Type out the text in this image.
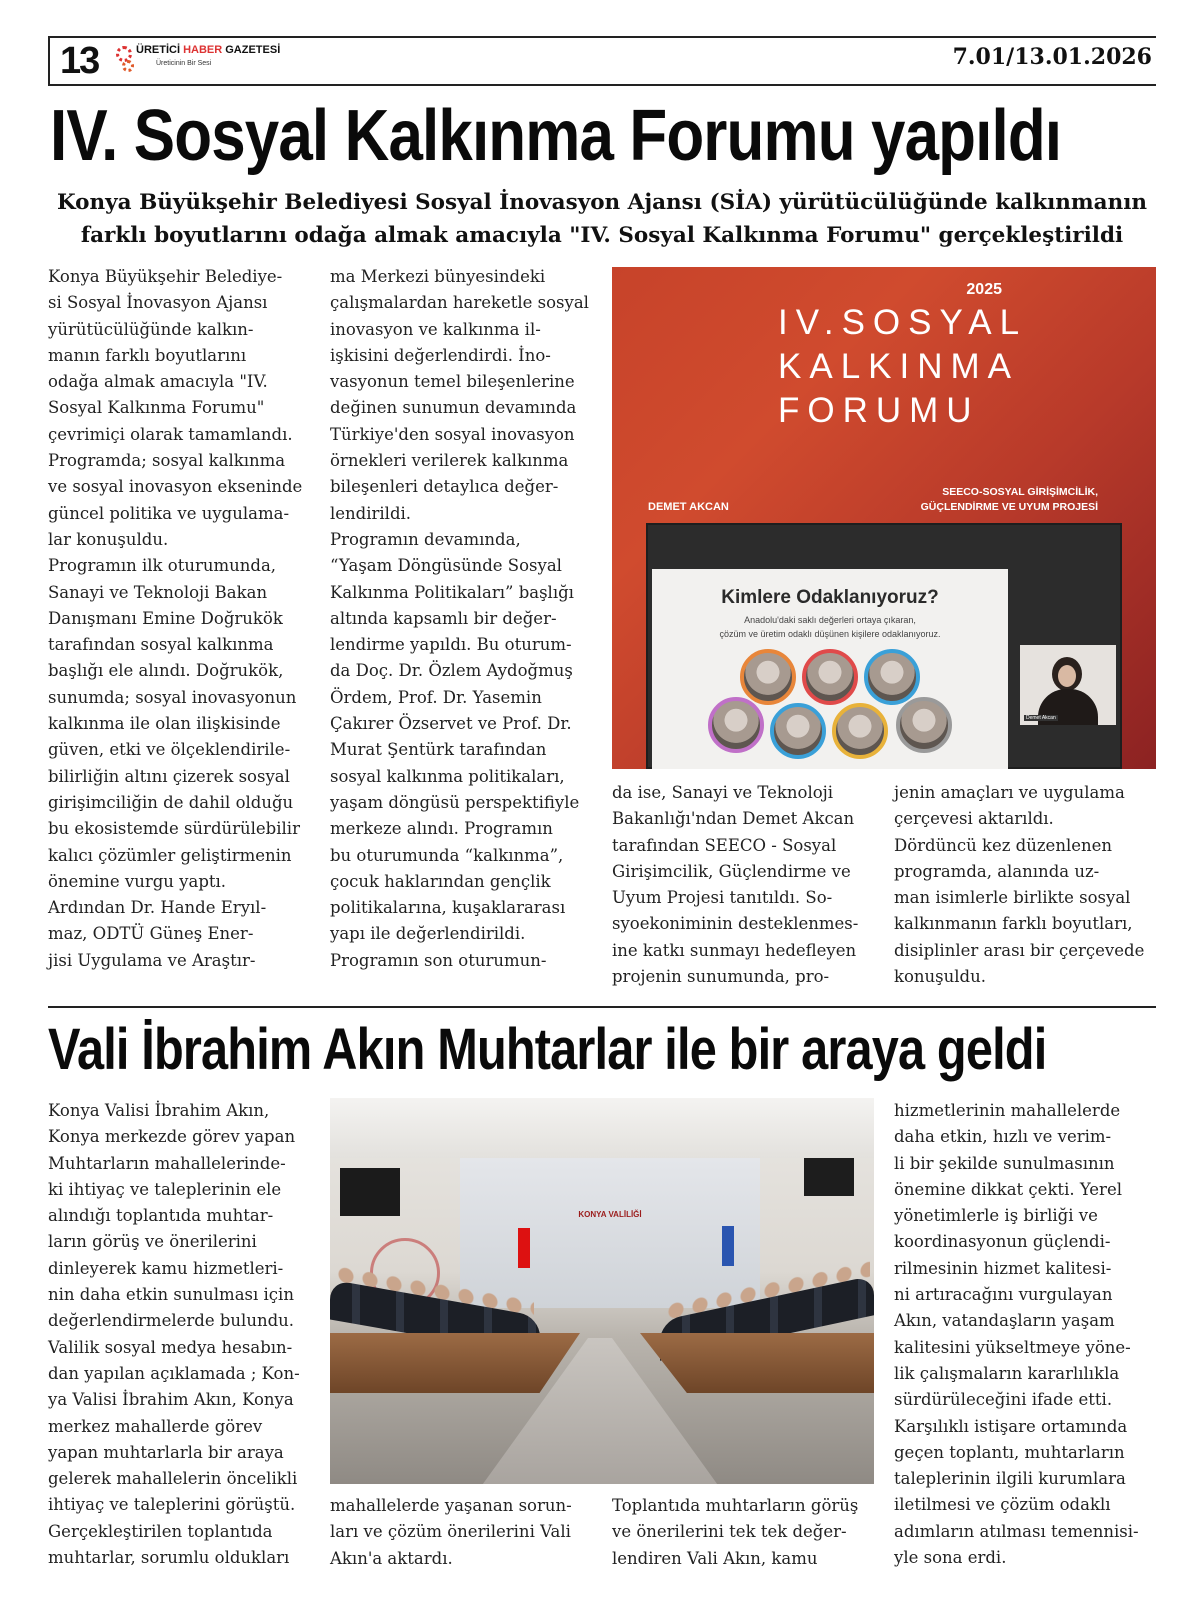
13	ÜRETİCİ HABER GAZETESİ
Üreticinin Bir Sesi	7.01/13.01.2026
IV. Sosyal Kalkınma Forumu yapıldı
Konya Büyükşehir Belediyesi Sosyal İnovasyon Ajansı (SİA) yürütücülüğünde kalkınmanın
farklı boyutlarını odağa almak amacıyla "IV. Sosyal Kalkınma Forumu" gerçekleştirildi

Konya Büyükşehir Belediye-

si Sosyal İnovasyon Ajansı

yürütücülüğünde kalkın-

manın farklı boyutlarını

odağa almak amacıyla "IV.

Sosyal Kalkınma Forumu"

çevrimiçi olarak tamamlandı.

Programda; sosyal kalkınma

ve sosyal inovasyon ekseninde

güncel politika ve uygulama-

lar konuşuldu.

Programın ilk oturumunda,

Sanayi ve Teknoloji Bakan

Danışmanı Emine Doğrukök

tarafından sosyal kalkınma

başlığı ele alındı. Doğrukök,

sunumda; sosyal inovasyonun

kalkınma ile olan ilişkisinde

güven, etki ve ölçeklendirile-

bilirliğin altını çizerek sosyal

girişimciliğin de dahil olduğu

bu ekosistemde sürdürülebilir

kalıcı çözümler geliştirmenin

önemine vurgu yaptı.

Ardından Dr. Hande Eryıl-

maz, ODTÜ Güneş Ener-

jisi Uygulama ve Araştır-

ma Merkezi bünyesindeki

çalışmalardan hareketle sosyal

inovasyon ve kalkınma il-

işkisini değerlendirdi. İno-

vasyonun temel bileşenlerine

değinen sunumun devamında

Türkiye'den sosyal inovasyon

örnekleri verilerek kalkınma

bileşenleri detaylıca değer-

lendirildi.

Programın devamında,

“Yaşam Döngüsünde Sosyal

Kalkınma Politikaları” başlığı

altında kapsamlı bir değer-

lendirme yapıldı. Bu oturum-

da Doç. Dr. Özlem Aydoğmuş

Ördem, Prof. Dr. Yasemin

Çakırer Özservet ve Prof. Dr.

Murat Şentürk tarafından

sosyal kalkınma politikaları,

yaşam döngüsü perspektifiyle

merkeze alındı. Programın

bu oturumunda “kalkınma”,

çocuk haklarından gençlik

politikalarına, kuşaklararası

yapı ile değerlendirildi.

Programın son oturumun-

da ise, Sanayi ve Teknoloji

Bakanlığı'ndan Demet Akcan

tarafından SEECO - Sosyal

Girişimcilik, Güçlendirme ve

Uyum Projesi tanıtıldı. So-

syoekoniminin desteklenmes-

ine katkı sunmayı hedefleyen

projenin sunumunda, pro-

jenin amaçları ve uygulama

çerçevesi aktarıldı.

Dördüncü kez düzenlenen

programda, alanında uz-

man isimlerle birlikte sosyal

kalkınmanın farklı boyutları,

disiplinler arası bir çerçevede

konuşuldu.

2025
IV.SOSYAL
KALKINMA
FORUMU
SEECO-SOSYAL GİRİŞİMCİLİK,
GÜÇLENDİRME VE UYUM PROJESİ
DEMET AKCAN
Kimlere Odaklanıyoruz?
Anadolu'daki saklı değerleri ortaya çıkaran,
çözüm ve üretim odaklı düşünen kişilere odaklanıyoruz.
Demet Akcan
Vali İbrahim Akın Muhtarlar ile bir araya geldi

Konya Valisi İbrahim Akın,

Konya merkezde görev yapan

Muhtarların mahallelerinde-

ki ihtiyaç ve taleplerinin ele

alındığı toplantıda muhtar-

ların görüş ve önerilerini

dinleyerek kamu hizmetleri-

nin daha etkin sunulması için

değerlendirmelerde bulundu.

Valilik sosyal medya hesabın-

dan yapılan açıklamada ; Kon-

ya Valisi İbrahim Akın, Konya

merkez mahallerde görev

yapan muhtarlarla bir araya

gelerek mahallelerin öncelikli

ihtiyaç ve taleplerini görüştü.

Gerçekleştirilen toplantıda

muhtarlar, sorumlu oldukları

mahallelerde yaşanan sorun-

ları ve çözüm önerilerini Vali

Akın'a aktardı.

Toplantıda muhtarların görüş

ve önerilerini tek tek değer-

lendiren Vali Akın, kamu

hizmetlerinin mahallelerde

daha etkin, hızlı ve verim-

li bir şekilde sunulmasının

önemine dikkat çekti. Yerel

yönetimlerle iş birliği ve

koordinasyonun güçlendi-

rilmesinin hizmet kalitesi-

ni artıracağını vurgulayan

Akın, vatandaşların yaşam

kalitesini yükseltmeye yöne-

lik çalışmaların kararlılıkla

sürdürüleceğini ifade etti.

Karşılıklı istişare ortamında

geçen toplantı, muhtarların

taleplerinin ilgili kurumlara

iletilmesi ve çözüm odaklı

adımların atılması temennisi-

yle sona erdi.

KONYA VALİLİĞİ
